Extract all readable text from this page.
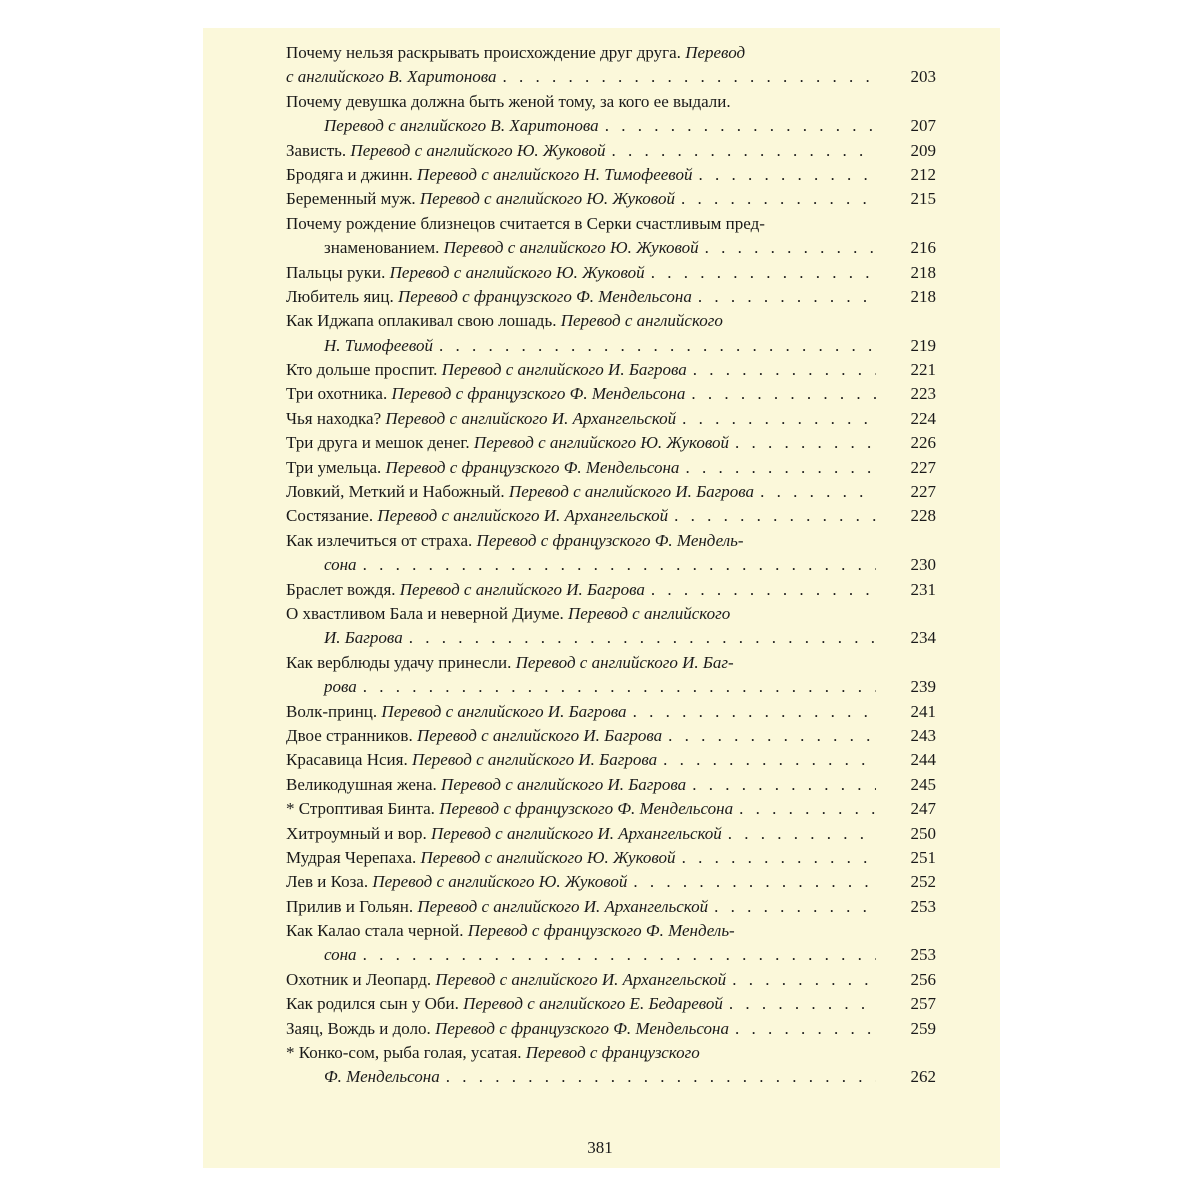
Почему нельзя раскрывать происхождение друг друга. Перевод
с английского В. Харитонова . . .	203
Почему девушка должна быть женой тому, за кого ее выдали.
Перевод с английского В. Харитонова . . .	207
Зависть. Перевод с английского Ю. Жуковой . . .	209
Бродяга и джинн. Перевод с английского Н. Тимофеевой . . .	212
Беременный муж. Перевод с английского Ю. Жуковой . . .	215
Почему рождение близнецов считается в Серки счастливым пред-
знаменованием. Перевод с английского Ю. Жуковой . . .	216
Пальцы руки. Перевод с английского Ю. Жуковой . . .	218
Любитель яиц. Перевод с французского Ф. Мендельсона . . .	218
Как Иджапа оплакивал свою лошадь. Перевод с английского
Н. Тимофеевой . . .	219
Кто дольше проспит. Перевод с английского И. Багрова . . .	221
Три охотника. Перевод с французского Ф. Мендельсона . . .	223
Чья находка? Перевод с английского И. Архангельской . . .	224
Три друга и мешок денег. Перевод с английского Ю. Жуковой . . .	226
Три умельца. Перевод с французского Ф. Мендельсона . . .	227
Ловкий, Меткий и Набожный. Перевод с английского И. Багрова . . .	227
Состязание. Перевод с английского И. Архангельской . . .	228
Как излечиться от страха. Перевод с французского Ф. Мендель-
сона . . .	230
Браслет вождя. Перевод с английского И. Багрова . . .	231
О хвастливом Бала и неверной Диуме. Перевод с английского
И. Багрова . . .	234
Как верблюды удачу принесли. Перевод с английского И. Баг-
рова . . .	239
Волк-принц. Перевод с английского И. Багрова . . .	241
Двое странников. Перевод с английского И. Багрова . . .	243
Красавица Нсия. Перевод с английского И. Багрова . . .	244
Великодушная жена. Перевод с английского И. Багрова . . .	245
* Строптивая Бинта. Перевод с французского Ф. Мендельсона . . .	247
Хитроумный и вор. Перевод с английского И. Архангельской . . .	250
Мудрая Черепаха. Перевод с английского Ю. Жуковой . . .	251
Лев и Коза. Перевод с английского Ю. Жуковой . . .	252
Прилив и Гольян. Перевод с английского И. Архангельской . . .	253
Как Калао стала черной. Перевод с французского Ф. Мендель-
сона . . .	253
Охотник и Леопард. Перевод с английского И. Архангельской . . .	256
Как родился сын у Оби. Перевод с английского Е. Бедаревой . . .	257
Заяц, Вождь и доло. Перевод с французского Ф. Мендельсона . . .	259
* Конко-сом, рыба голая, усатая. Перевод с французского
Ф. Мендельсона . . .	262
381
